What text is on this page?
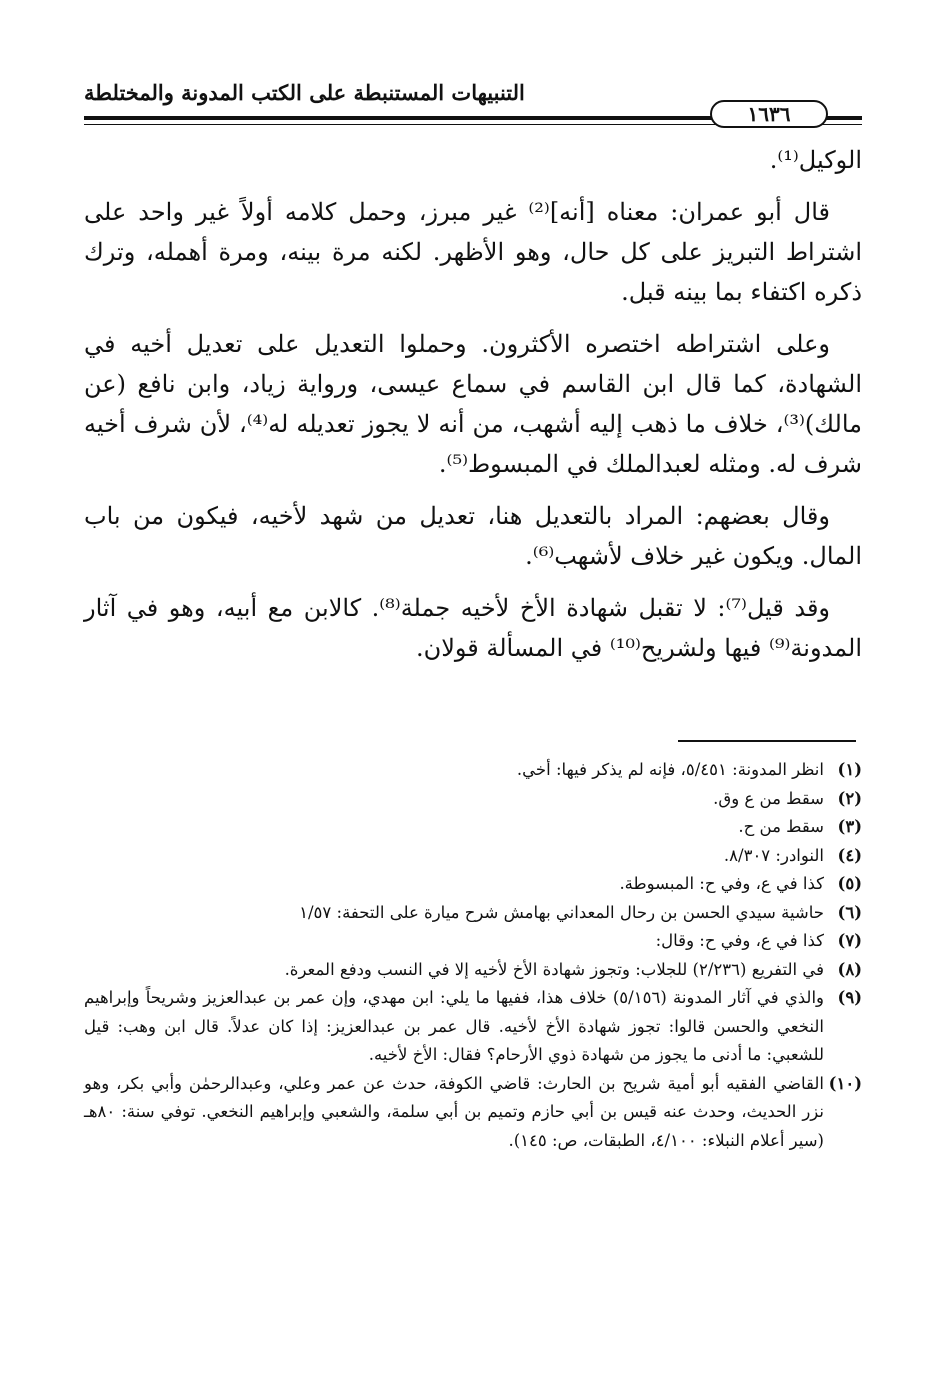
التنبيهات المستنبطة على الكتب المدونة والمختلطة
١٦٣٦

الوكيل⁽¹⁾.

قال أبو عمران: معناه [أنه]⁽²⁾ غير مبرز، وحمل كلامه أولاً غير واحد على اشتراط التبريز على كل حال، وهو الأظهر. لكنه مرة بينه، ومرة أهمله، وترك ذكره اكتفاء بما بينه قبل.

وعلى اشتراطه اختصره الأكثرون. وحملوا التعديل على تعديل أخيه في الشهادة، كما قال ابن القاسم في سماع عيسى، ورواية زياد، وابن نافع (عن مالك)⁽³⁾، خلاف ما ذهب إليه أشهب، من أنه لا يجوز تعديله له⁽⁴⁾، لأن شرف أخيه شرف له. ومثله لعبدالملك في المبسوط⁽⁵⁾.

وقال بعضهم: المراد بالتعديل هنا، تعديل من شهد لأخيه، فيكون من باب المال. ويكون غير خلاف لأشهب⁽⁶⁾.

وقد قيل⁽⁷⁾: لا تقبل شهادة الأخ لأخيه جملة⁽⁸⁾. كالابن مع أبيه، وهو في آثار المدونة⁽⁹⁾ فيها ولشريح⁽¹⁰⁾ في المسألة قولان.

(١)
انظر المدونة: ٥/٤٥١، فإنه لم يذكر فيها: أخي.
(٢)
سقط من ع وق.
(٣)
سقط من ح.
(٤)
النوادر: ٨/٣٠٧.
(٥)
كذا في ع، وفي ح: المبسوطة.
(٦)
حاشية سيدي الحسن بن رحال المعداني بهامش شرح ميارة على التحفة: ١/٥٧
(٧)
كذا في ع، وفي ح: وقال:
(٨)
في التفريع (٢/٢٣٦) للجلاب: وتجوز شهادة الأخ لأخيه إلا في النسب ودفع المعرة.
(٩)
والذي في آثار المدونة (٥/١٥٦) خلاف هذا، ففيها ما يلي: ابن مهدي، وإن عمر بن عبدالعزيز وشريحاً وإبراهيم النخعي والحسن قالوا: تجوز شهادة الأخ لأخيه. قال عمر بن عبدالعزيز: إذا كان عدلاً. قال ابن وهب: قيل للشعبي: ما أدنى ما يجوز من شهادة ذوي الأرحام؟ فقال: الأخ لأخيه.
(١٠)
القاضي الفقيه أبو أمية شريح بن الحارث: قاضي الكوفة، حدث عن عمر وعلي، وعبدالرحمٰن وأبي بكر، وهو نزر الحديث، وحدث عنه قيس بن أبي حازم وتميم بن أبي سلمة، والشعبي وإبراهيم النخعي. توفي سنة: ٨٠هـ (سير أعلام النبلاء: ٤/١٠٠، الطبقات، ص: ١٤٥).
